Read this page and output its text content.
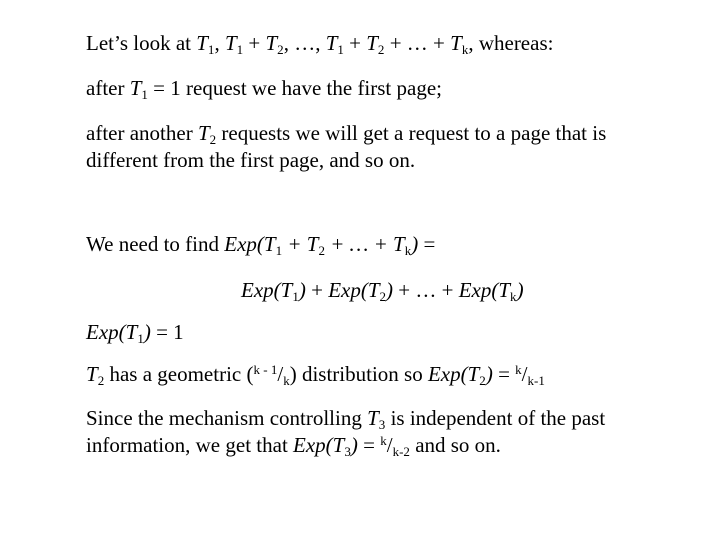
Let’s look at $T_1$, $T_1 + T_2$, …, $T_1 + T_2$ + … + $T_k$, whereas:
after $T_1 = 1$ request we have the first page;
after another $T_2$ requests we will get a request to a page that is
different from the first page, and so on.
We need to find $Exp(T_1 + T_2$ + … + $T_k$) =
$Exp(T_1) + Exp(T_2)$ + … + $Exp(T_k)$
$Exp(T_1) = 1$
$T_2$ has a geometric $(^{k - 1}/_k)$ distribution so $Exp(T_2) = ^k/_{k-1}$
Since the mechanism controlling $T_3$ is independent of the past
information, we get that $Exp(T_3) = ^k/_{k-2}$ and so on.
